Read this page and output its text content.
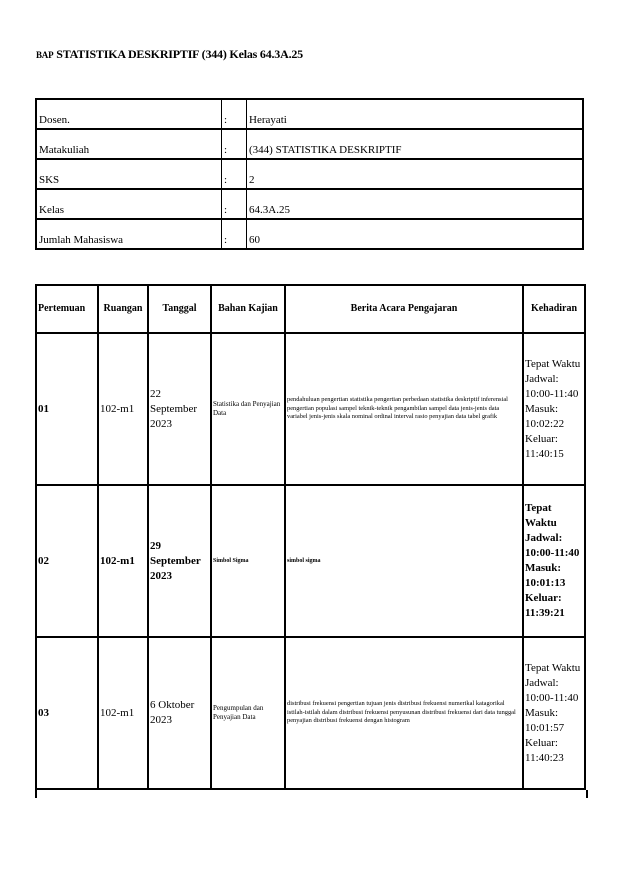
BAP STATISTIKA DESKRIPTIF (344) Kelas 64.3A.25
Dosen.	:	Herayati
Matakuliah	:	(344) STATISTIKA DESKRIPTIF
SKS	:	2
Kelas	:	64.3A.25
Jumlah Mahasiswa	:	60
Pertemuan	Ruangan	Tanggal	Bahan Kajian	Berita Acara Pengajaran	Kehadiran
01	102-m1	22 September 2023	Statistika dan Penyajian Data	pendahuluan pengertian statistika pengertian perbedaan statistika deskriptif inferensial pengertian populasi sampel teknik-teknik pengambilan sampel data jenis-jenis data variabel jenis-jenis skala nominal ordinal interval rasio penyajian data tabel grafik	Tepat Waktu Jadwal: 10:00-11:40 Masuk: 10:02:22 Keluar: 11:40:15
02	102-m1	29 September 2023	Simbol Sigma	simbol sigma	Tepat Waktu Jadwal: 10:00-11:40 Masuk: 10:01:13 Keluar: 11:39:21
03	102-m1	6 Oktober 2023	Pengumpulan dan Penyajian Data	distribusi frekuensi pengertian tujuan jenis distribusi frekuensi numerikal katagorikal istilah-istilah dalam distribusi frekuensi penyusunan distribusi frekuensi dari data tunggal penyajian distribusi frekuensi dengan histogram	Tepat Waktu Jadwal: 10:00-11:40 Masuk: 10:01:57 Keluar: 11:40:23
